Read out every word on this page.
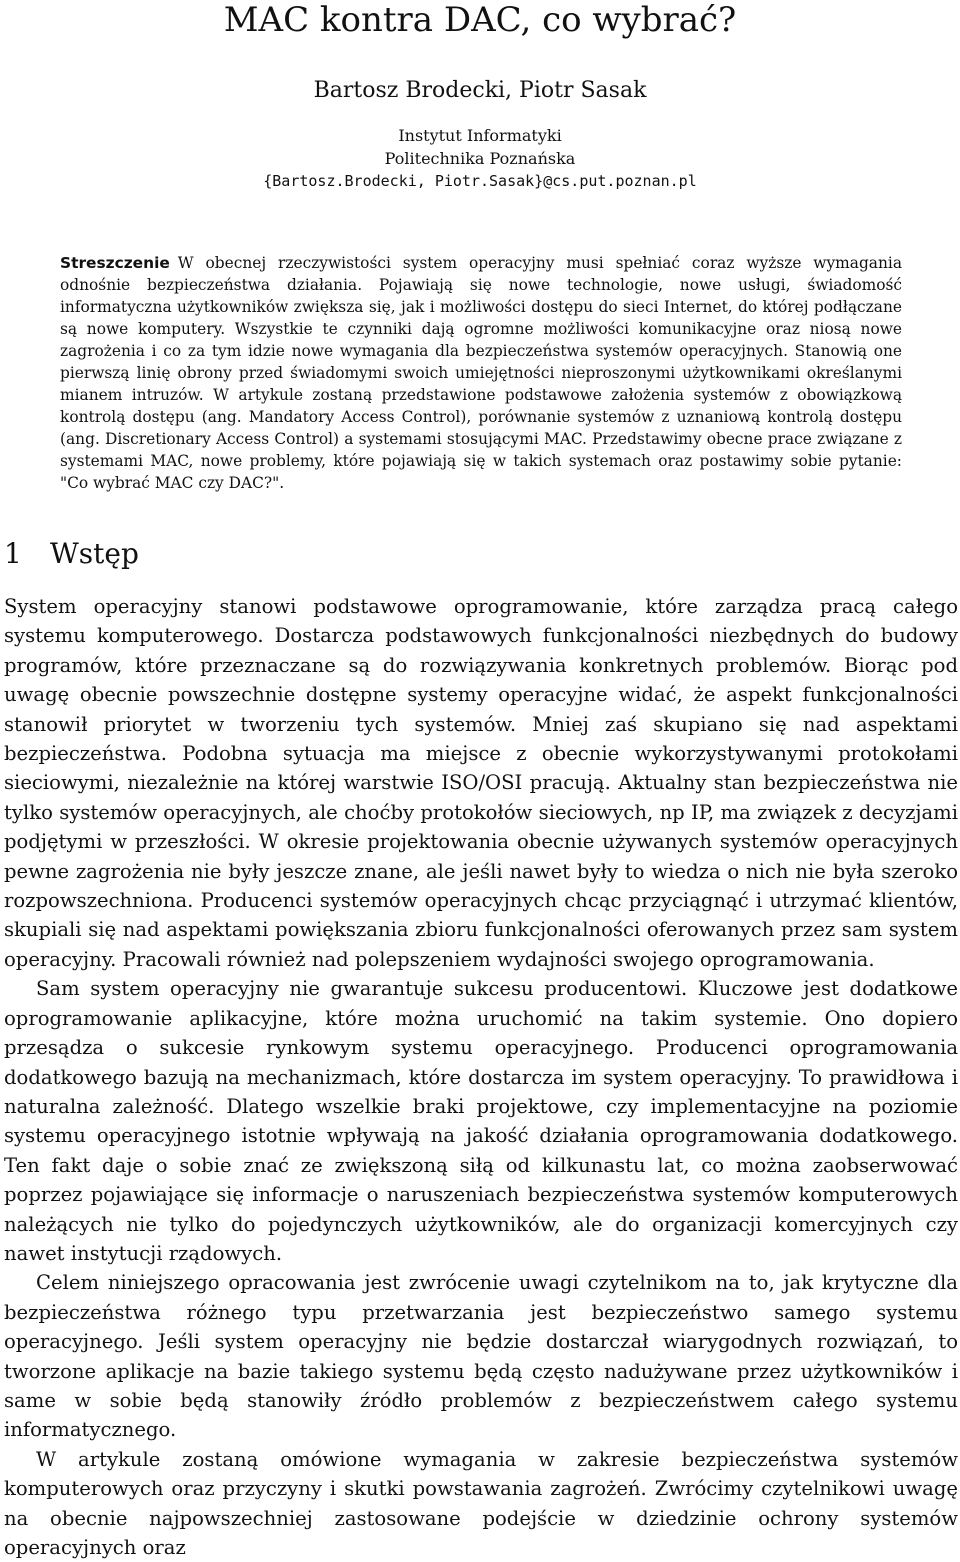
MAC kontra DAC, co wybrać?
Bartosz Brodecki, Piotr Sasak
Instytut Informatyki
Politechnika Poznańska
{Bartosz.Brodecki, Piotr.Sasak}@cs.put.poznan.pl
Streszczenie W obecnej rzeczywistości system operacyjny musi spełniać coraz wyższe wymagania odnośnie bezpieczeństwa działania. Pojawiają się nowe technologie, nowe usługi, świadomość informatyczna użytkowników zwiększa się, jak i możliwości dostępu do sieci Internet, do której podłączane są nowe komputery. Wszystkie te czynniki dają ogromne możliwości komunikacyjne oraz niosą nowe zagrożenia i co za tym idzie nowe wymagania dla bezpieczeństwa systemów operacyjnych. Stanowią one pierwszą linię obrony przed świadomymi swoich umiejętności nieproszonymi użytkownikami określanymi mianem intruzów. W artykule zostaną przedstawione podstawowe założenia systemów z obowiązkową kontrolą dostępu (ang. Mandatory Access Control), porównanie systemów z uznaniową kontrolą dostępu (ang. Discretionary Access Control) a systemami stosującymi MAC. Przedstawimy obecne prace związane z systemami MAC, nowe problemy, które pojawiają się w takich systemach oraz postawimy sobie pytanie: "Co wybrać MAC czy DAC?".
1 Wstęp

System operacyjny stanowi podstawowe oprogramowanie, które zarządza pracą całego systemu komputerowego. Dostarcza podstawowych funkcjonalności niezbędnych do budowy programów, które przeznaczane są do rozwiązywania konkretnych problemów. Biorąc pod uwagę obecnie powszechnie dostępne systemy operacyjne widać, że aspekt funkcjonalności stanowił priorytet w tworzeniu tych systemów. Mniej zaś skupiano się nad aspektami bezpieczeństwa. Podobna sytuacja ma miejsce z obecnie wykorzystywanymi protokołami sieciowymi, niezależnie na której warstwie ISO/OSI pracują. Aktualny stan bezpieczeństwa nie tylko systemów operacyjnych, ale choćby protokołów sieciowych, np IP, ma związek z decyzjami podjętymi w przeszłości. W okresie projektowania obecnie używanych systemów operacyjnych pewne zagrożenia nie były jeszcze znane, ale jeśli nawet były to wiedza o nich nie była szeroko rozpowszechniona. Producenci systemów operacyjnych chcąc przyciągnąć i utrzymać klientów, skupiali się nad aspektami powiększania zbioru funkcjonalności oferowanych przez sam system operacyjny. Pracowali również nad polepszeniem wydajności swojego oprogramowania.

Sam system operacyjny nie gwarantuje sukcesu producentowi. Kluczowe jest dodatkowe oprogramowanie aplikacyjne, które można uruchomić na takim systemie. Ono dopiero przesądza o sukcesie rynkowym systemu operacyjnego. Producenci oprogramowania dodatkowego bazują na mechanizmach, które dostarcza im system operacyjny. To prawidłowa i naturalna zależność. Dlatego wszelkie braki projektowe, czy implementacyjne na poziomie systemu operacyjnego istotnie wpływają na jakość działania oprogramowania dodatkowego. Ten fakt daje o sobie znać ze zwiększoną siłą od kilkunastu lat, co można zaobserwować poprzez pojawiające się informacje o naruszeniach bezpieczeństwa systemów komputerowych należących nie tylko do pojedynczych użytkowników, ale do organizacji komercyjnych czy nawet instytucji rządowych.

Celem niniejszego opracowania jest zwrócenie uwagi czytelnikom na to, jak krytyczne dla bezpieczeństwa różnego typu przetwarzania jest bezpieczeństwo samego systemu operacyjnego. Jeśli system operacyjny nie będzie dostarczał wiarygodnych rozwiązań, to tworzone aplikacje na bazie takiego systemu będą często nadużywane przez użytkowników i same w sobie będą stanowiły źródło problemów z bezpieczeństwem całego systemu informatycznego.

W artykule zostaną omówione wymagania w zakresie bezpieczeństwa systemów komputerowych oraz przyczyny i skutki powstawania zagrożeń. Zwrócimy czytelnikowi uwagę na obecnie najpowszechniej zastosowane podejście w dziedzinie ochrony systemów operacyjnych oraz
